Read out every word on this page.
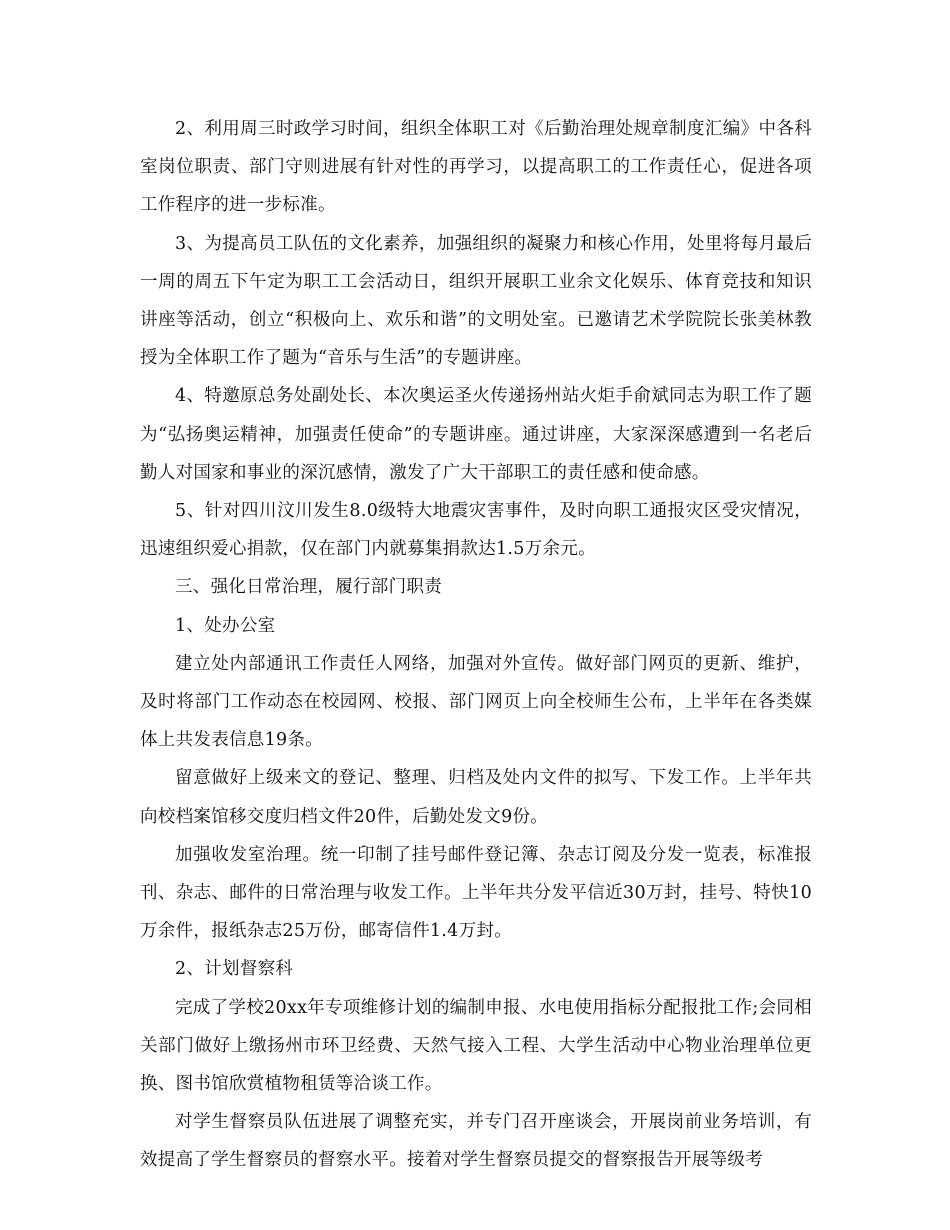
2、利用周三时政学习时间，组织全体职工对《后勤治理处规章制度汇编》中各科室岗位职责、部门守则进展有针对性的再学习，以提高职工的工作责任心，促进各项工作程序的进一步标准。

3、为提高员工队伍的文化素养，加强组织的凝聚力和核心作用，处里将每月最后一周的周五下午定为职工工会活动日，组织开展职工业余文化娱乐、体育竞技和知识讲座等活动，创立“积极向上、欢乐和谐”的文明处室。已邀请艺术学院院长张美林教授为全体职工作了题为“音乐与生活”的专题讲座。

4、特邀原总务处副处长、本次奥运圣火传递扬州站火炬手俞斌同志为职工作了题为“弘扬奥运精神，加强责任使命”的专题讲座。通过讲座，大家深深感遭到一名老后勤人对国家和事业的深沉感情，激发了广大干部职工的责任感和使命感。

5、针对四川汶川发生8.0级特大地震灾害事件，及时向职工通报灾区受灾情况，迅速组织爱心捐款，仅在部门内就募集捐款达1.5万余元。

三、强化日常治理，履行部门职责

1、处办公室

建立处内部通讯工作责任人网络，加强对外宣传。做好部门网页的更新、维护，及时将部门工作动态在校园网、校报、部门网页上向全校师生公布，上半年在各类媒体上共发表信息19条。

留意做好上级来文的登记、整理、归档及处内文件的拟写、下发工作。上半年共向校档案馆移交度归档文件20件，后勤处发文9份。

加强收发室治理。统一印制了挂号邮件登记簿、杂志订阅及分发一览表，标准报刊、杂志、邮件的日常治理与收发工作。上半年共分发平信近30万封，挂号、特快10万余件，报纸杂志25万份，邮寄信件1.4万封。

2、计划督察科

完成了学校20xx年专项维修计划的编制申报、水电使用指标分配报批工作;会同相关部门做好上缴扬州市环卫经费、天然气接入工程、大学生活动中心物业治理单位更换、图书馆欣赏植物租赁等洽谈工作。

对学生督察员队伍进展了调整充实，并专门召开座谈会，开展岗前业务培训，有效提高了学生督察员的督察水平。接着对学生督察员提交的督察报告开展等级考
